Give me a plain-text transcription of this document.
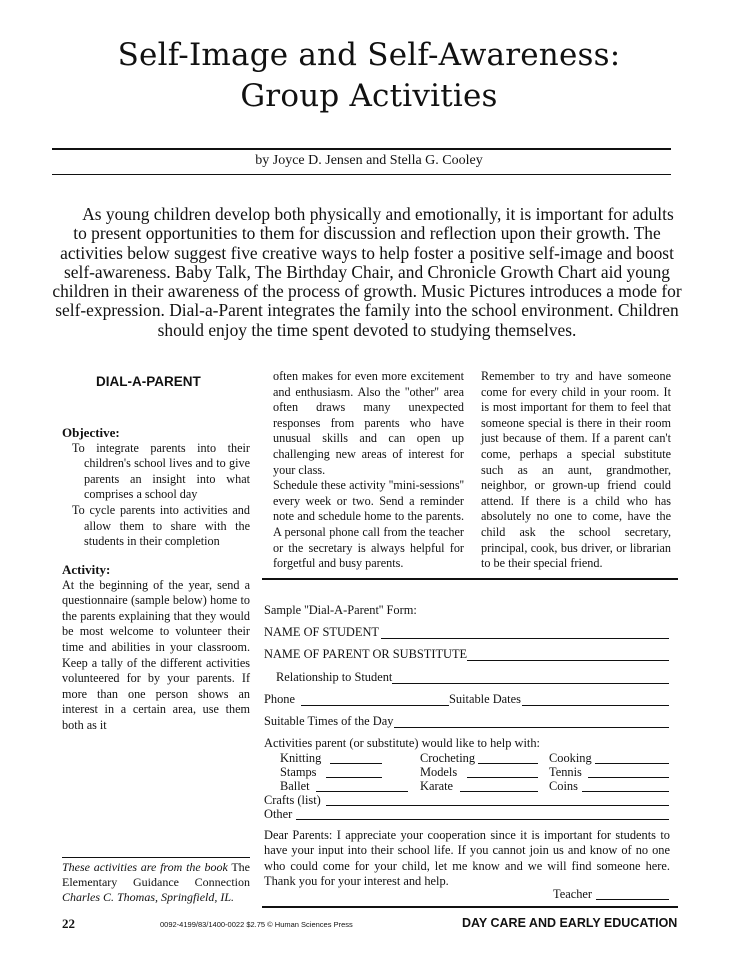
Self-Image and Self-Awareness:
Group Activities
by Joyce D. Jensen and Stella G. Cooley
As young children develop both physically and emotionally, it is important for adults to present opportunities to them for discussion and reflection upon their growth. The activities below suggest five creative ways to help foster a positive self-image and boost self-awareness. Baby Talk, The Birthday Chair, and Chronicle Growth Chart aid young children in their awareness of the process of growth. Music Pictures introduces a mode for self-expression. Dial-a-Parent integrates the family into the school environment. Children should enjoy the time spent devoted to studying themselves.
DIAL-A-PARENT

Objective:

To integrate parents into their children's school lives and to give parents an insight into what comprises a school day

To cycle parents into activities and allow them to share with the students in their completion

Activity:

At the beginning of the year, send a questionnaire (sample below) home to the parents explaining that they would be most welcome to volunteer their time and abilities in your classroom. Keep a tally of the different activities volunteered for by your parents. If more than one person shows an interest in a certain area, use them both as it

These activities are from the book The Elementary Guidance Connection Charles C. Thomas, Springfield, IL.

often makes for even more excitement and enthusiasm. Also the ''other'' area often draws many unexpected responses from parents who have unusual skills and can open up challenging new areas of interest for your class.

Schedule these activity ''mini-sessions'' every week or two. Send a reminder note and schedule home to the parents. A personal phone call from the teacher or the secretary is always helpful for forgetful and busy parents.

Remember to try and have someone come for every child in your room. It is most important for them to feel that someone special is there in their room just because of them. If a parent can't come, perhaps a special substitute such as an aunt, grandmother, neighbor, or grown-up friend could attend. If there is a child who has absolutely no one to come, have the child ask the school secretary, principal, cook, bus driver, or librarian to be their special friend.

Sample ''Dial-A-Parent'' Form:
NAME OF STUDENT
NAME OF PARENT OR SUBSTITUTE
Relationship to Student
Phone	Suitable Dates
Suitable Times of the Day
Activities parent (or substitute) would like to help with:
Knitting	Crocheting	Cooking
Stamps	Models	Tennis
Ballet	Karate	Coins
Crafts (list)
Other
Dear Parents: I appreciate your cooperation since it is important for students to have your input into their school life. If you cannot join us and know of no one who could come for your child, let me know and we will find someone here. Thank you for your interest and help.
Teacher
22	0092-4199/83/1400-0022 $2.75 © Human Sciences Press	DAY CARE AND EARLY EDUCATION
